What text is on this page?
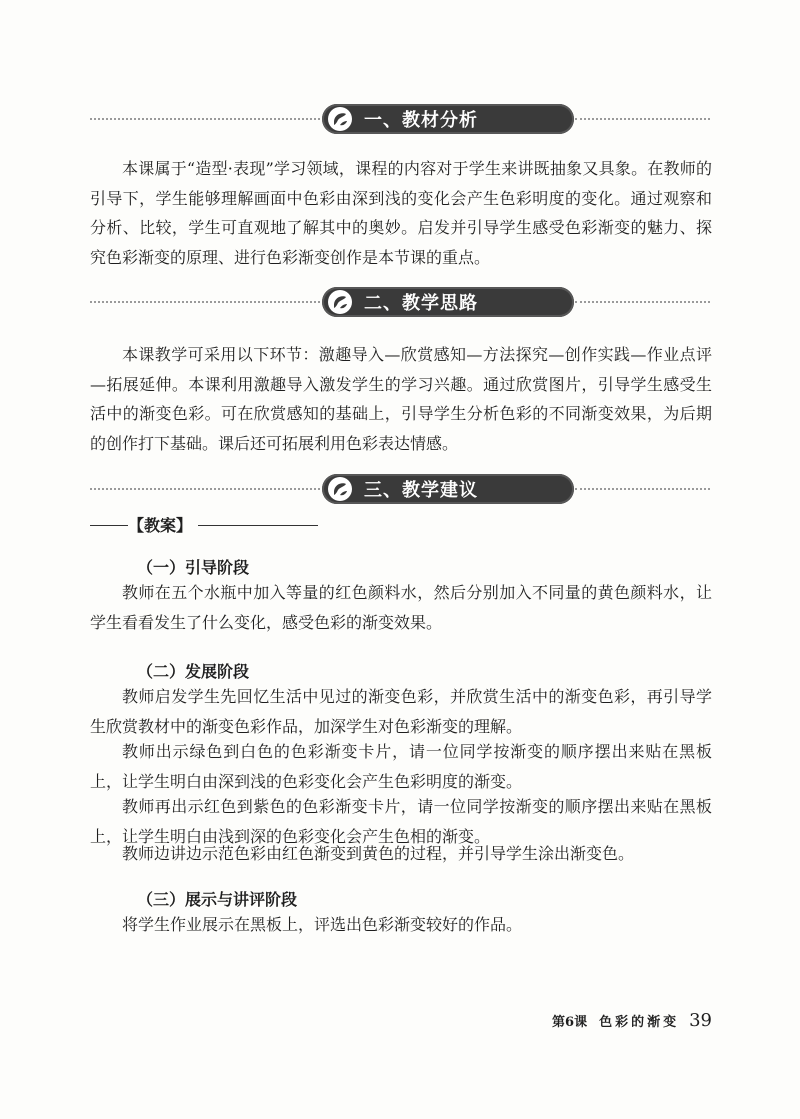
一、教材分析

本课属于“造型·表现”学习领域，课程的内容对于学生来讲既抽象又具象。在教师的引导下，学生能够理解画面中色彩由深到浅的变化会产生色彩明度的变化。通过观察和分析、比较，学生可直观地了解其中的奥妙。启发并引导学生感受色彩渐变的魅力、探究色彩渐变的原理、进行色彩渐变创作是本节课的重点。

二、教学思路

本课教学可采用以下环节：激趣导入—欣赏感知—方法探究—创作实践—作业点评—拓展延伸。本课利用激趣导入激发学生的学习兴趣。通过欣赏图片，引导学生感受生活中的渐变色彩。可在欣赏感知的基础上，引导学生分析色彩的不同渐变效果，为后期的创作打下基础。课后还可拓展利用色彩表达情感。

三、教学建议
【教案】

（一）引导阶段

教师在五个水瓶中加入等量的红色颜料水，然后分别加入不同量的黄色颜料水，让学生看看发生了什么变化，感受色彩的渐变效果。

（二）发展阶段

教师启发学生先回忆生活中见过的渐变色彩，并欣赏生活中的渐变色彩，再引导学生欣赏教材中的渐变色彩作品，加深学生对色彩渐变的理解。

教师出示绿色到白色的色彩渐变卡片，请一位同学按渐变的顺序摆出来贴在黑板上，让学生明白由深到浅的色彩变化会产生色彩明度的渐变。

教师再出示红色到紫色的色彩渐变卡片，请一位同学按渐变的顺序摆出来贴在黑板上，让学生明白由浅到深的色彩变化会产生色相的渐变。

教师边讲边示范色彩由红色渐变到黄色的过程，并引导学生涂出渐变色。

（三）展示与讲评阶段

将学生作业展示在黑板上，评选出色彩渐变较好的作品。

第6课 色彩的渐变 39
